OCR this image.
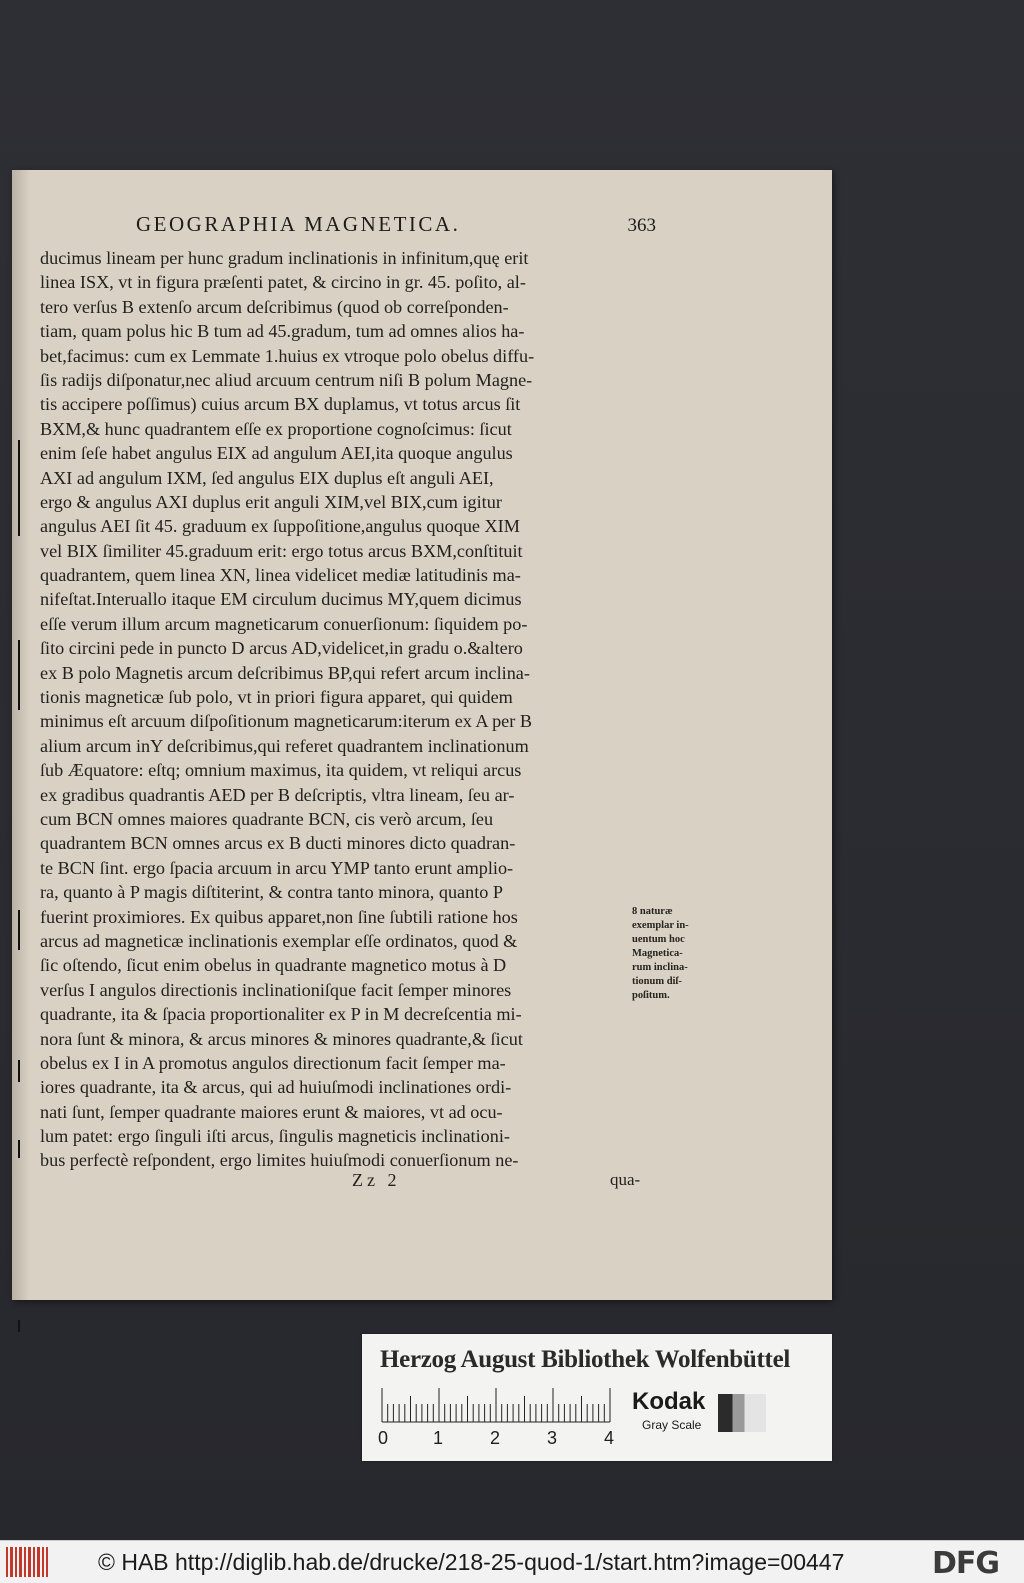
GEOGRAPHIA MAGNETICA.	363
ducimus lineam per hunc gradum inclinationis in infinitum,quę erit
linea ISX, vt in figura præſenti patet, & circino in gr. 45. poſito, al-
tero verſus B extenſo arcum deſcribimus (quod ob correſponden-
tiam, quam polus hic B tum ad 45.gradum, tum ad omnes alios ha-
bet,facimus: cum ex Lemmate 1.huius ex vtroque polo obelus diffu-
ſis radijs diſponatur,nec aliud arcuum centrum niſi B polum Magne-
tis accipere poſſimus) cuius arcum BX duplamus, vt totus arcus ſit
BXM,& hunc quadrantem eſſe ex proportione cognoſcimus: ſicut
enim ſeſe habet angulus EIX ad angulum AEI,ita quoque angulus
AXI ad angulum IXM, ſed angulus EIX duplus eſt anguli AEI,
ergo & angulus AXI duplus erit anguli XIM,vel BIX,cum igitur
angulus AEI ſit 45. graduum ex ſuppoſitione,angulus quoque XIM
vel BIX ſimiliter 45.graduum erit: ergo totus arcus BXM,conſtituit
quadrantem, quem linea XN, linea videlicet mediæ latitudinis ma-
nifeſtat.Interuallo itaque EM circulum ducimus MY,quem dicimus
eſſe verum illum arcum magneticarum conuerſionum: ſiquidem po-
ſito circini pede in puncto D arcus AD,videlicet,in gradu o.&altero
ex B polo Magnetis arcum deſcribimus BP,qui refert arcum inclina-
tionis magneticæ ſub polo, vt in priori figura apparet, qui quidem
minimus eſt arcuum diſpoſitionum magneticarum:iterum ex A per B
alium arcum inY deſcribimus,qui referet quadrantem inclinationum
ſub Æquatore: eſtq; omnium maximus, ita quidem, vt reliqui arcus
ex gradibus quadrantis AED per B deſcriptis, vltra lineam, ſeu ar-
cum BCN omnes maiores quadrante BCN, cis verò arcum, ſeu
quadrantem BCN omnes arcus ex B ducti minores dicto quadran-
te BCN ſint. ergo ſpacia arcuum in arcu YMP tanto erunt amplio-
ra, quanto à P magis diſtiterint, & contra tanto minora, quanto P
fuerint proximiores. Ex quibus apparet,non ſine ſubtili ratione hos
arcus ad magneticæ inclinationis exemplar eſſe ordinatos, quod &
ſic oſtendo, ſicut enim obelus in quadrante magnetico motus à D
verſus I angulos directionis inclinationiſque facit ſemper minores
quadrante, ita & ſpacia proportionaliter ex P in M decreſcentia mi-
nora ſunt & minora, & arcus minores & minores quadrante,& ſicut
obelus ex I in A promotus angulos directionum facit ſemper ma-
iores quadrante, ita & arcus, qui ad huiuſmodi inclinationes ordi-
nati ſunt, ſemper quadrante maiores erunt & maiores, vt ad ocu-
lum patet: ergo ſinguli iſti arcus, ſingulis magneticis inclinationi-
bus perfectè reſpondent, ergo limites huiuſmodi conuerſionum ne-
8 naturæ
exemplar in-
uentum hoc
Magnetica-
rum inclina-
tionum diſ-
poſitum.
Zz 2	qua-
Herzog August Bibliothek Wolfenbüttel
0 1	2	3	4
Kodak
Gray Scale
© HAB http://diglib.hab.de/drucke/218-25-quod-1/start.htm?image=00447	DFG
